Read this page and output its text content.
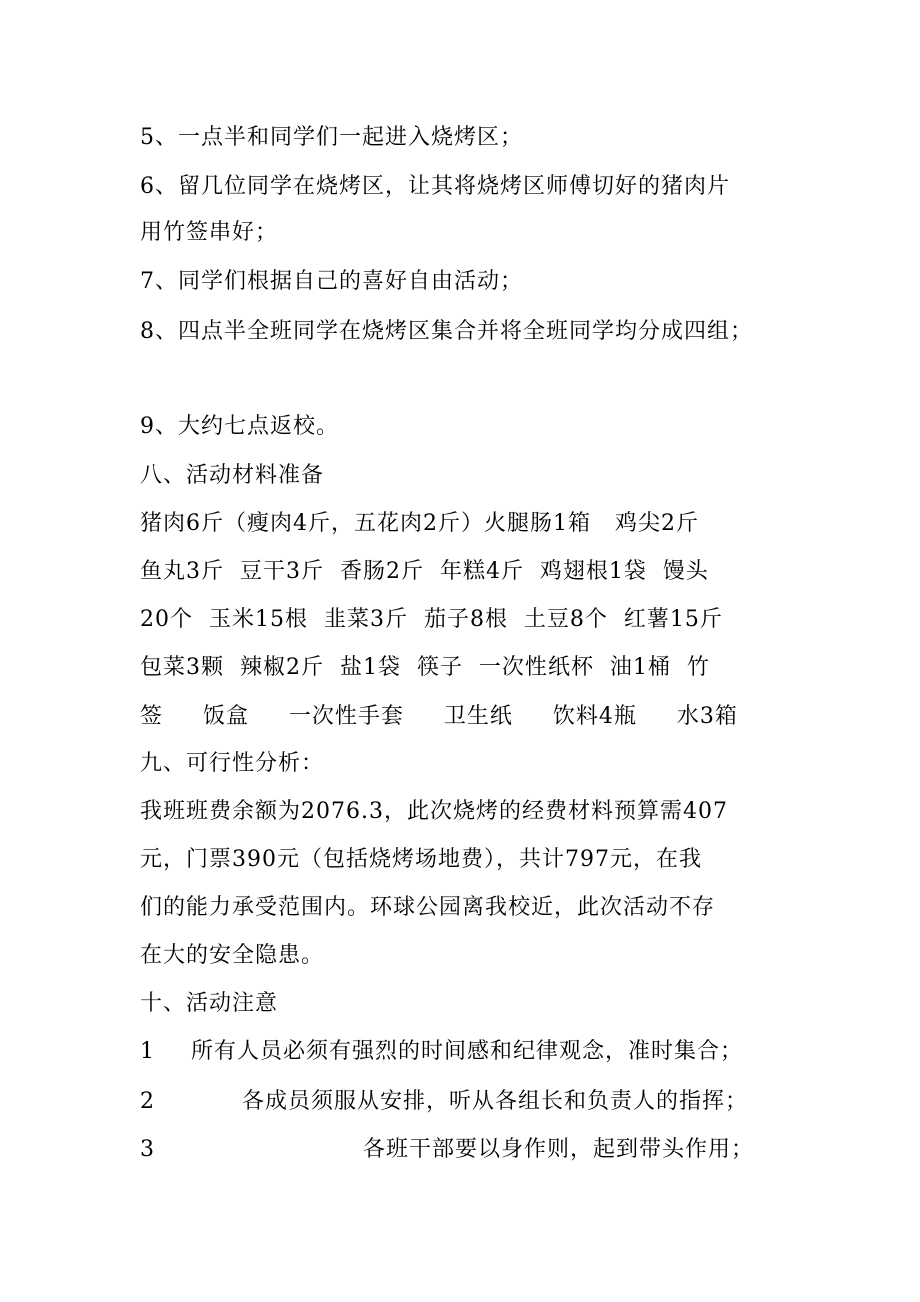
5、一点半和同学们一起进入烧烤区；
6、留几位同学在烧烤区，让其将烧烤区师傅切好的猪肉片
用竹签串好；
7、同学们根据自己的喜好自由活动；
8、四点半全班同学在烧烤区集合并将全班同学均分成四组；
9、大约七点返校。
八、活动材料准备
猪肉6斤（瘦肉4斤，五花肉2斤）火腿肠1箱   鸡尖2斤
鱼丸3斤  豆干3斤  香肠2斤  年糕4斤  鸡翅根1袋  馒头
20个  玉米15根  韭菜3斤  茄子8根  土豆8个  红薯15斤
包菜3颗  辣椒2斤  盐1袋  筷子  一次性纸杯  油1桶  竹
签     饭盒     一次性手套     卫生纸     饮料4瓶     水3箱
九、可行性分析：
我班班费余额为2076.3，此次烧烤的经费材料预算需407
元，门票390元（包括烧烤场地费），共计797元，在我
们的能力承受范围内。环球公园离我校近，此次活动不存
在大的安全隐患。
十、活动注意
1 所有人员必须有强烈的时间感和纪律观念，准时集合；
2	各成员须服从安排，听从各组长和负责人的指挥；
3	各班干部要以身作则，起到带头作用；
